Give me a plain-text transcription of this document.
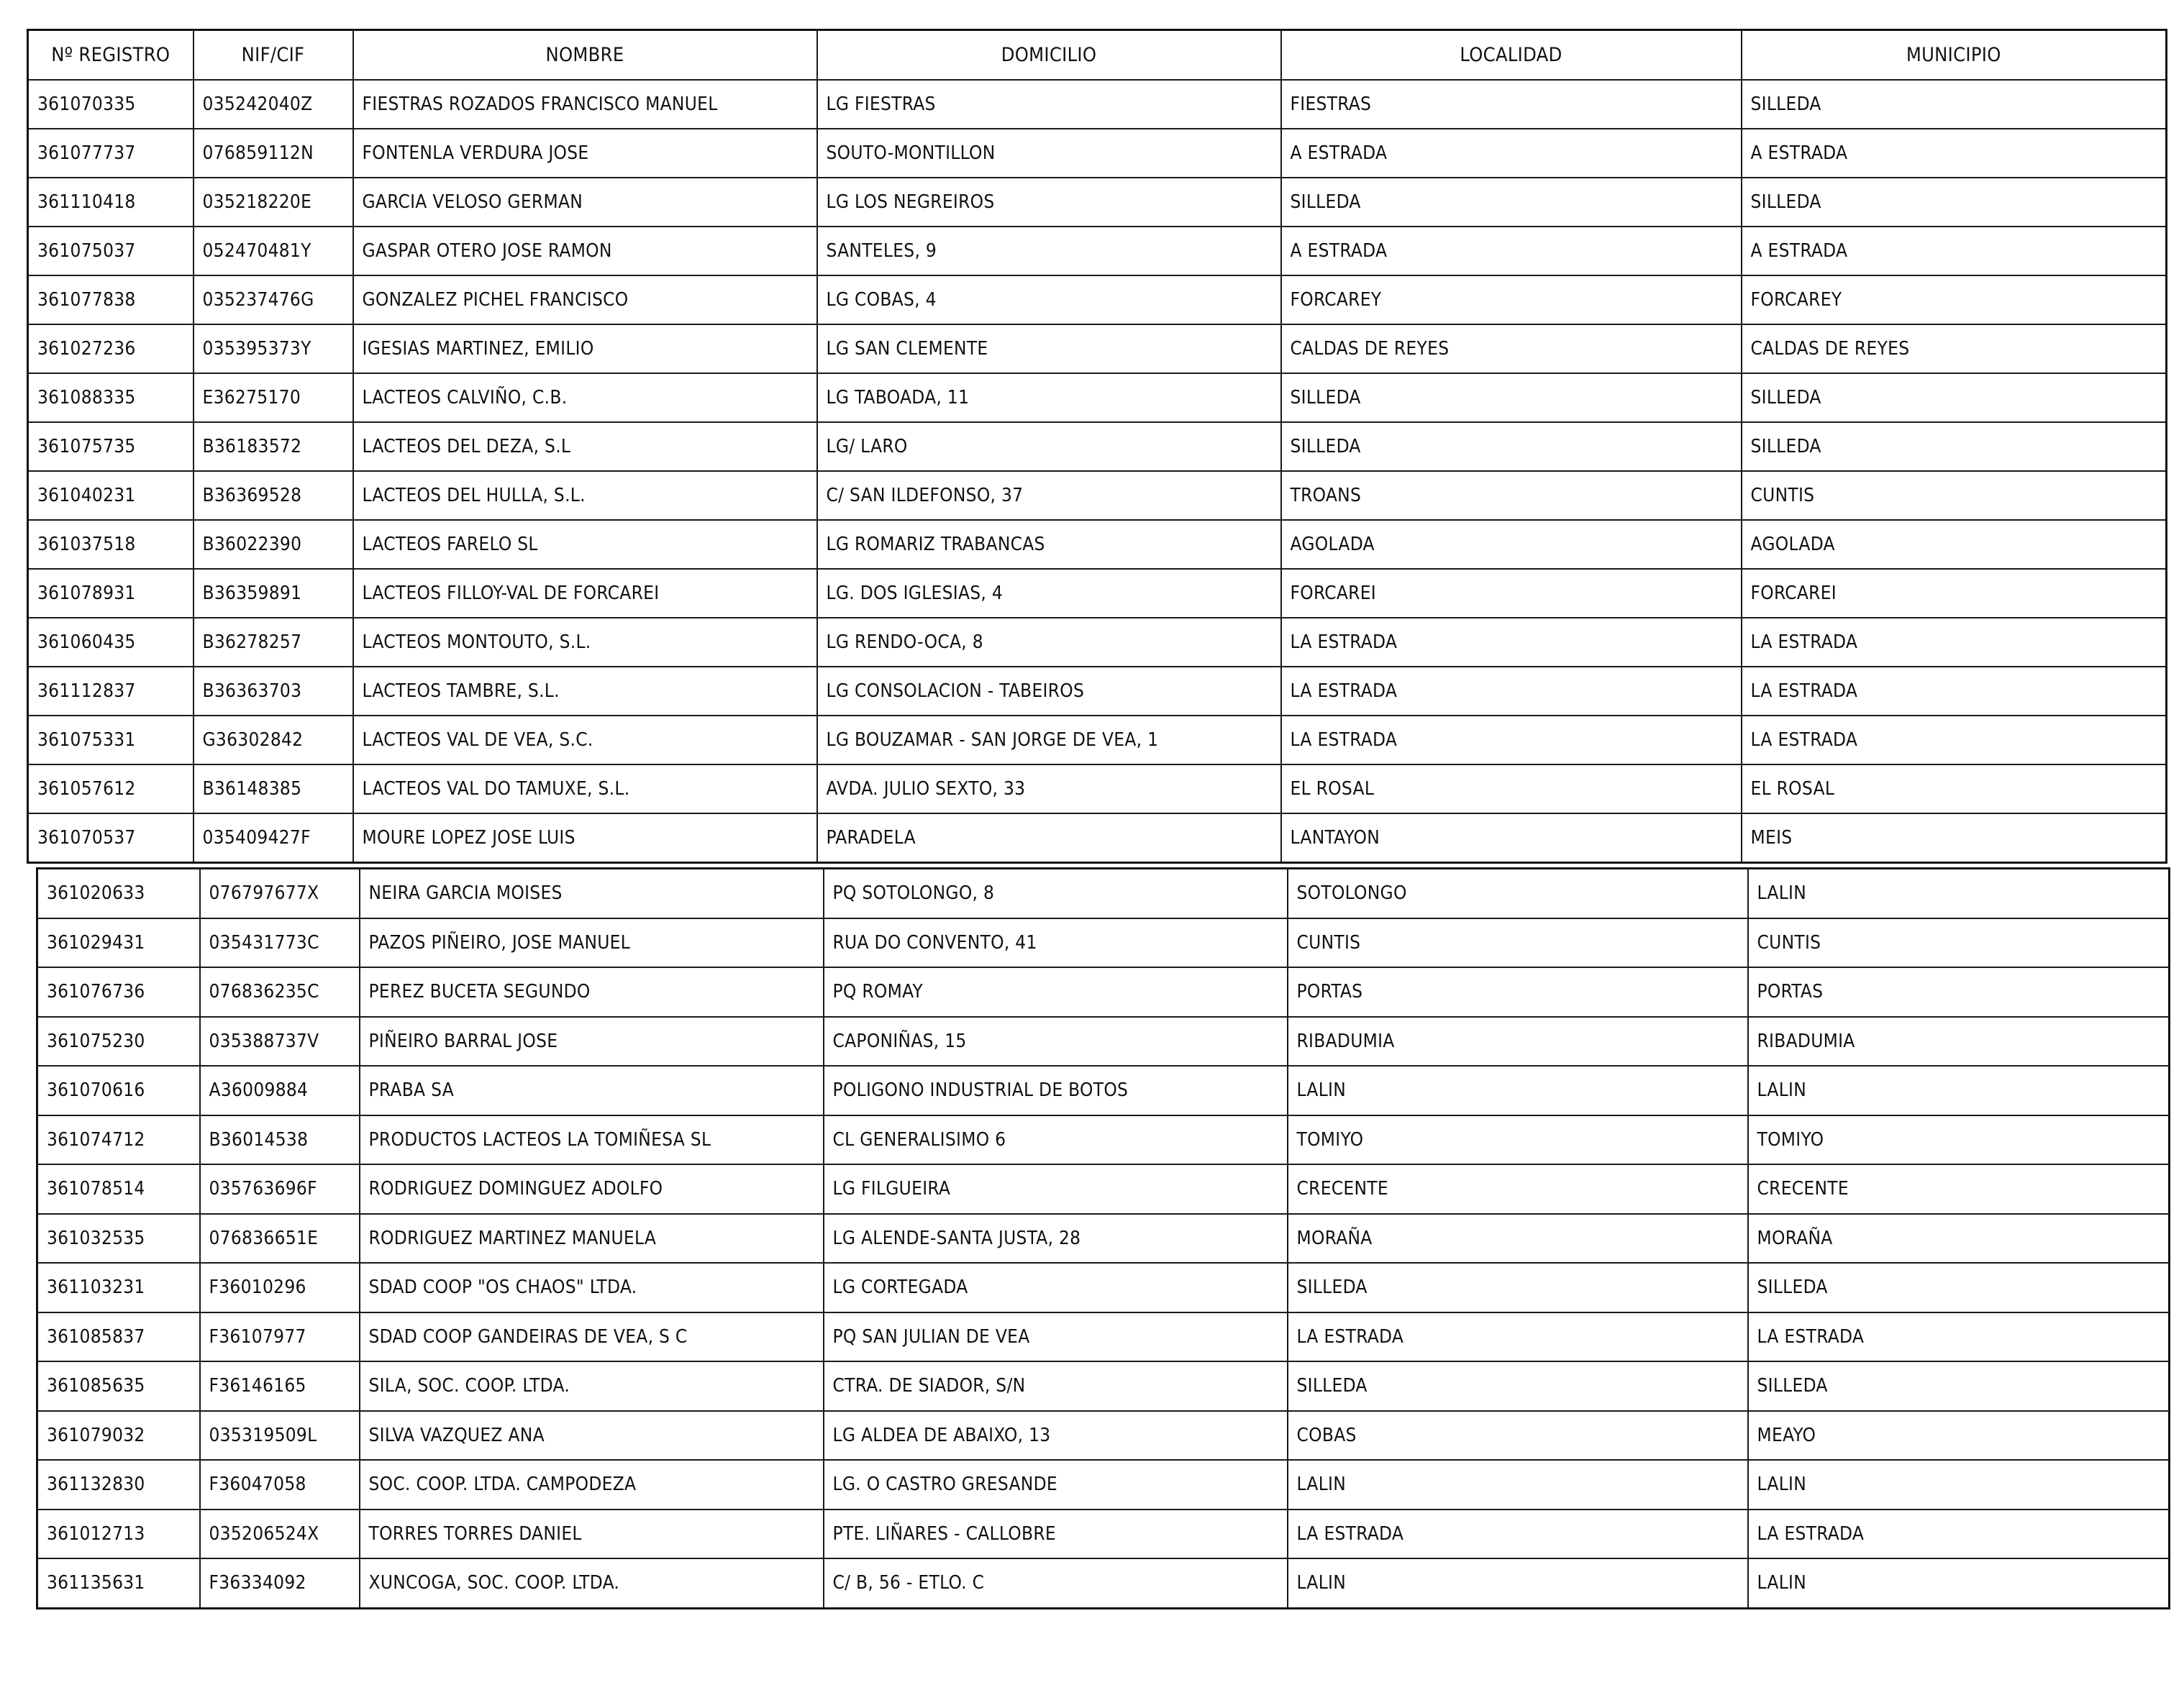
Nº REGISTRO	NIF/CIF	NOMBRE	DOMICILIO	LOCALIDAD	MUNICIPIO
361070335	035242040Z	FIESTRAS ROZADOS FRANCISCO MANUEL	LG FIESTRAS	FIESTRAS	SILLEDA
361077737	076859112N	FONTENLA VERDURA JOSE	SOUTO-MONTILLON	A ESTRADA	A ESTRADA
361110418	035218220E	GARCIA VELOSO GERMAN	LG LOS NEGREIROS	SILLEDA	SILLEDA
361075037	052470481Y	GASPAR OTERO JOSE RAMON	SANTELES, 9	A ESTRADA	A ESTRADA
361077838	035237476G	GONZALEZ PICHEL FRANCISCO	LG COBAS, 4	FORCAREY	FORCAREY
361027236	035395373Y	IGESIAS MARTINEZ, EMILIO	LG SAN CLEMENTE	CALDAS DE REYES	CALDAS DE REYES
361088335	E36275170	LACTEOS CALVIÑO, C.B.	LG TABOADA, 11	SILLEDA	SILLEDA
361075735	B36183572	LACTEOS DEL DEZA, S.L	LG/ LARO	SILLEDA	SILLEDA
361040231	B36369528	LACTEOS DEL HULLA, S.L.	C/ SAN ILDEFONSO, 37	TROANS	CUNTIS
361037518	B36022390	LACTEOS FARELO SL	LG ROMARIZ TRABANCAS	AGOLADA	AGOLADA
361078931	B36359891	LACTEOS FILLOY-VAL DE FORCAREI	LG. DOS IGLESIAS, 4	FORCAREI	FORCAREI
361060435	B36278257	LACTEOS MONTOUTO, S.L.	LG RENDO-OCA, 8	LA ESTRADA	LA ESTRADA
361112837	B36363703	LACTEOS TAMBRE, S.L.	LG CONSOLACION - TABEIROS	LA ESTRADA	LA ESTRADA
361075331	G36302842	LACTEOS VAL DE VEA, S.C.	LG BOUZAMAR - SAN JORGE DE VEA, 1	LA ESTRADA	LA ESTRADA
361057612	B36148385	LACTEOS VAL DO TAMUXE, S.L.	AVDA. JULIO SEXTO, 33	EL ROSAL	EL ROSAL
361070537	035409427F	MOURE LOPEZ JOSE LUIS	PARADELA	LANTAYON	MEIS
361020633	076797677X	NEIRA GARCIA MOISES	PQ SOTOLONGO, 8	SOTOLONGO	LALIN
361029431	035431773C	PAZOS PIÑEIRO, JOSE MANUEL	RUA DO CONVENTO, 41	CUNTIS	CUNTIS
361076736	076836235C	PEREZ BUCETA SEGUNDO	PQ ROMAY	PORTAS	PORTAS
361075230	035388737V	PIÑEIRO BARRAL JOSE	CAPONIÑAS, 15	RIBADUMIA	RIBADUMIA
361070616	A36009884	PRABA SA	POLIGONO INDUSTRIAL DE BOTOS	LALIN	LALIN
361074712	B36014538	PRODUCTOS LACTEOS LA TOMIÑESA SL	CL GENERALISIMO 6	TOMIYO	TOMIYO
361078514	035763696F	RODRIGUEZ DOMINGUEZ ADOLFO	LG FILGUEIRA	CRECENTE	CRECENTE
361032535	076836651E	RODRIGUEZ MARTINEZ MANUELA	LG ALENDE-SANTA JUSTA, 28	MORAÑA	MORAÑA
361103231	F36010296	SDAD COOP "OS CHAOS" LTDA.	LG CORTEGADA	SILLEDA	SILLEDA
361085837	F36107977	SDAD COOP GANDEIRAS DE VEA, S C	PQ SAN JULIAN DE VEA	LA ESTRADA	LA ESTRADA
361085635	F36146165	SILA, SOC. COOP. LTDA.	CTRA. DE SIADOR, S/N	SILLEDA	SILLEDA
361079032	035319509L	SILVA VAZQUEZ ANA	LG ALDEA DE ABAIXO, 13	COBAS	MEAYO
361132830	F36047058	SOC. COOP. LTDA. CAMPODEZA	LG. O CASTRO GRESANDE	LALIN	LALIN
361012713	035206524X	TORRES TORRES DANIEL	PTE. LIÑARES - CALLOBRE	LA ESTRADA	LA ESTRADA
361135631	F36334092	XUNCOGA, SOC. COOP. LTDA.	C/ B, 56 - ETLO. C	LALIN	LALIN
